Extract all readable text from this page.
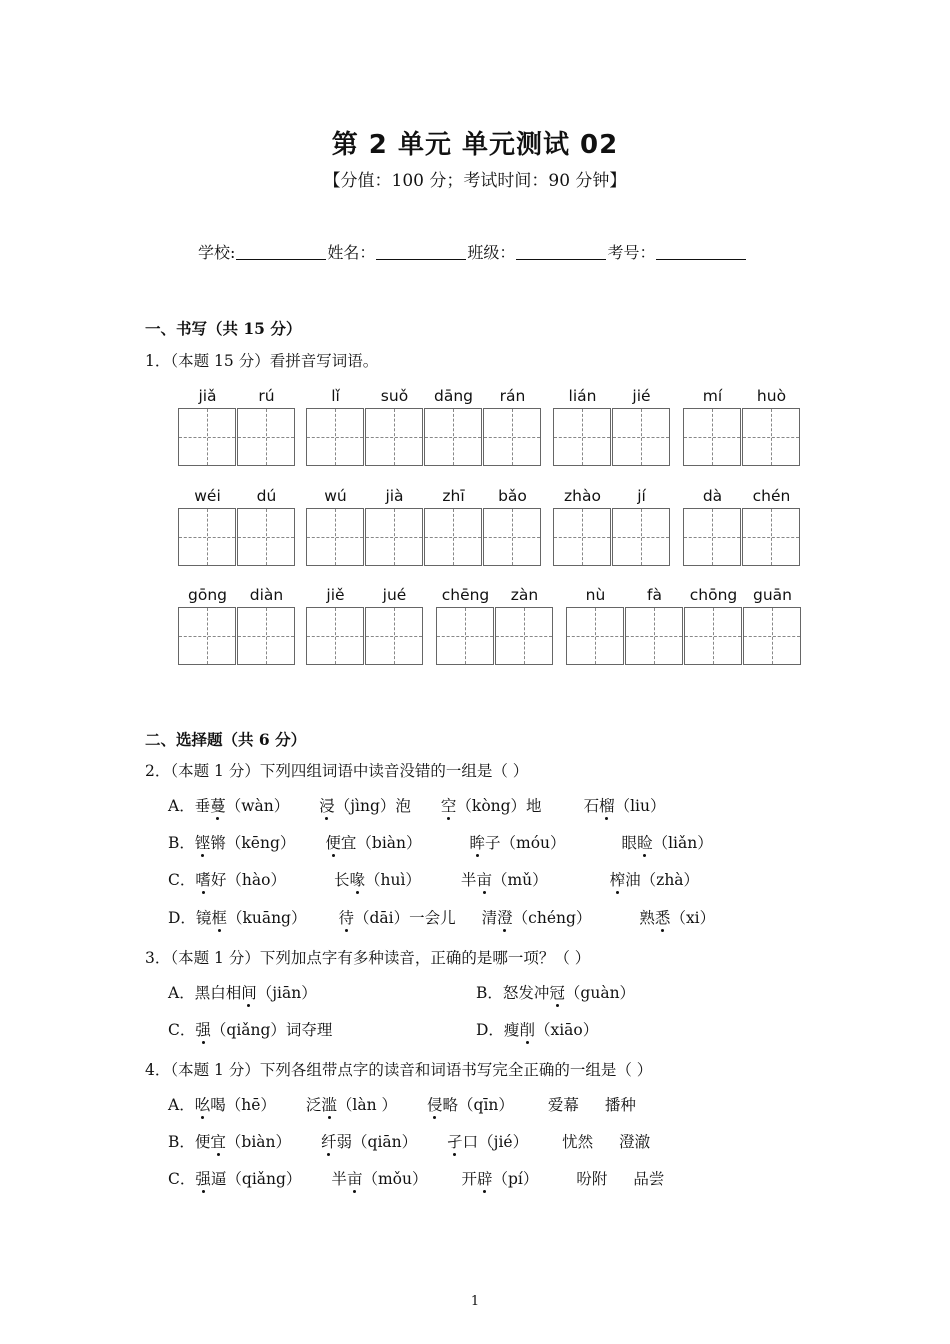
第 2 单元 单元测试 02
【分值：100 分；考试时间：90 分钟】
学校:	姓名：	班级：	考号：
一、书写（共 15 分）
1．（本题 15 分）看拼音写词语。
jiǎ	rú	lǐ	suǒ	dāng	rán	lián	jié	mí	huò
wéi	dú	wú	jià	zhī	bǎo	zhào	jí	dà	chén
gōng	diàn	jiě	jué	chēng	zàn	nù	fà	chōng	guān
二、选择题（共 6 分）
2．（本题 1 分）下列四组词语中读音没错的一组是（ ）
A．垂蔓（wàn） 浸（jìng）泡 空（kòng）地	石榴（liu）
B．铿锵（kēng） 便宜（biàn）	眸子（móu）	眼睑（liǎn）
C．嗜好（hào）	长喙（huì）	半亩（mǔ）	榨油（zhà）
D．镜框（kuāng） 待（dāi）一会儿 清澄（chéng）	熟悉（xi）
3．（本题 1 分）下列加点字有多种读音，正确的是哪一项？（ ）
A．黑白相间（jiān）	B．怒发冲冠（guàn）
C．强（qiǎng）词夺理	D．瘦削（xiāo）
4．（本题 1 分）下列各组带点字的读音和词语书写完全正确的一组是（ ）
A．吆喝（hē） 泛滥（làn ） 侵略（qīn） 爱幕 播种
B．便宜（biàn） 纤弱（qiān） 孑口（jié） 忧然 澄澈
C．强逼（qiǎng） 半亩（mǒu） 开辟（pí） 吩附 品尝
1
